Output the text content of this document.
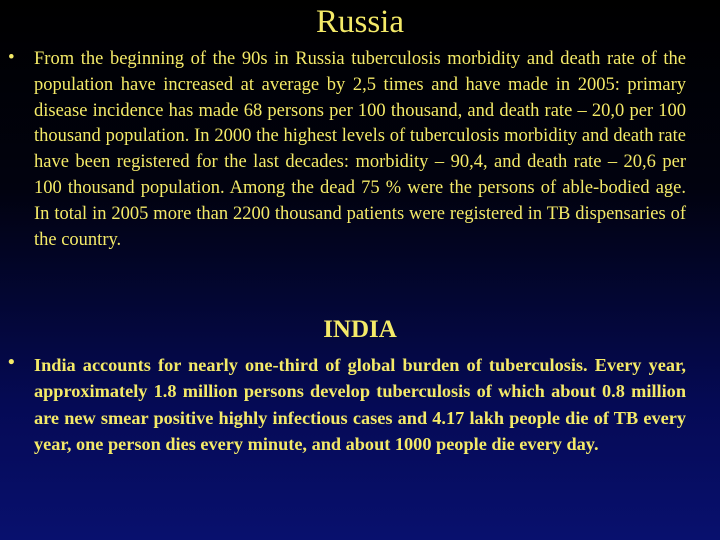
Russia
• From the beginning of the 90s in Russia tuberculosis morbidity and death rate of the population have increased at average by 2,5 times and have made in 2005: primary disease incidence has made 68 persons per 100 thousand, and death rate – 20,0 per 100 thousand population. In 2000 the highest levels of tuberculosis morbidity and death rate have been registered for the last decades: morbidity – 90,4, and death rate – 20,6 per 100 thousand population. Among the dead 75 % were the persons of able-bodied age. In total in 2005 more than 2200 thousand patients were registered in TB dispensaries of the country.
INDIA
• India accounts for nearly one-third of global burden of tuberculosis. Every year, approximately 1.8 million persons develop tuberculosis of which about 0.8 million are new smear positive highly infectious cases and 4.17 lakh people die of TB every year, one person dies every minute, and about 1000 people die every day.
